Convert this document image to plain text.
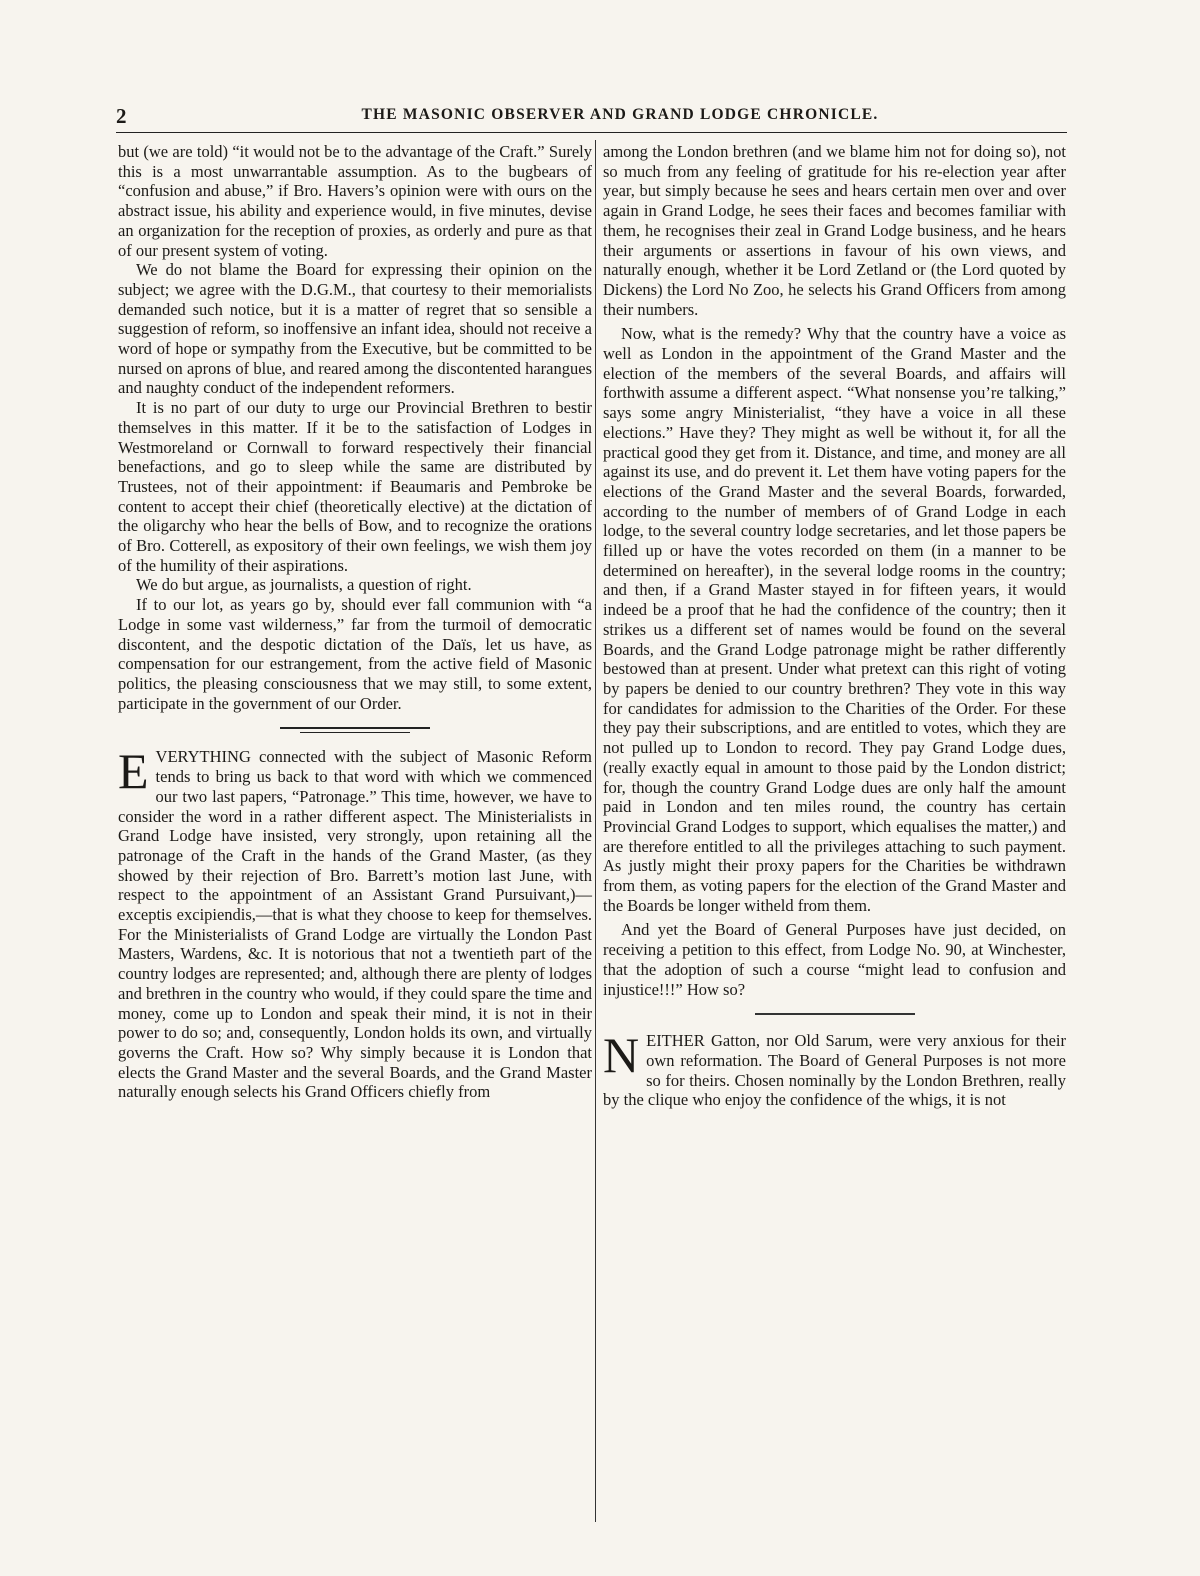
2	THE MASONIC OBSERVER AND GRAND LODGE CHRONICLE.

but (we are told) “it would not be to the advantage of the Craft.” Surely this is a most unwarrantable assumption. As to the bugbears of “confusion and abuse,” if Bro. Havers’s opinion were with ours on the abstract issue, his ability and experience would, in five minutes, devise an organization for the reception of proxies, as orderly and pure as that of our present system of voting.

We do not blame the Board for expressing their opinion on the subject; we agree with the D.G.M., that courtesy to their memorialists demanded such notice, but it is a matter of regret that so sensible a suggestion of reform, so inoffensive an infant idea, should not receive a word of hope or sympathy from the Executive, but be committed to be nursed on aprons of blue, and reared among the discontented harangues and naughty conduct of the independent reformers.

It is no part of our duty to urge our Provincial Brethren to bestir themselves in this matter. If it be to the satisfaction of Lodges in Westmoreland or Cornwall to forward respectively their financial benefactions, and go to sleep while the same are distributed by Trustees, not of their appointment: if Beaumaris and Pembroke be content to accept their chief (theoretically elective) at the dictation of the oligarchy who hear the bells of Bow, and to recognize the orations of Bro. Cotterell, as expository of their own feelings, we wish them joy of the humility of their aspirations.

We do but argue, as journalists, a question of right.

If to our lot, as years go by, should ever fall communion with “a Lodge in some vast wilderness,” far from the turmoil of democratic discontent, and the despotic dictation of the Daïs, let us have, as compensation for our estrangement, from the active field of Masonic politics, the pleasing consciousness that we may still, to some extent, participate in the government of our Order.

EVERYTHING connected with the subject of Masonic Reform tends to bring us back to that word with which we commenced our two last papers, “Patronage.” This time, however, we have to consider the word in a rather different aspect. The Ministerialists in Grand Lodge have insisted, very strongly, upon retaining all the patronage of the Craft in the hands of the Grand Master, (as they showed by their rejection of Bro. Barrett’s motion last June, with respect to the appointment of an Assistant Grand Pursuivant,)—exceptis excipiendis,—that is what they choose to keep for themselves. For the Ministerialists of Grand Lodge are virtually the London Past Masters, Wardens, &c. It is notorious that not a twentieth part of the country lodges are represented; and, although there are plenty of lodges and brethren in the country who would, if they could spare the time and money, come up to London and speak their mind, it is not in their power to do so; and, consequently, London holds its own, and virtually governs the Craft. How so? Why simply because it is London that elects the Grand Master and the several Boards, and the Grand Master naturally enough selects his Grand Officers chiefly from

among the London brethren (and we blame him not for doing so), not so much from any feeling of gratitude for his re-election year after year, but simply because he sees and hears certain men over and over again in Grand Lodge, he sees their faces and becomes familiar with them, he recognises their zeal in Grand Lodge business, and he hears their arguments or assertions in favour of his own views, and naturally enough, whether it be Lord Zetland or (the Lord quoted by Dickens) the Lord No Zoo, he selects his Grand Officers from among their numbers.

Now, what is the remedy? Why that the country have a voice as well as London in the appointment of the Grand Master and the election of the members of the several Boards, and affairs will forthwith assume a different aspect. “What nonsense you’re talking,” says some angry Ministerialist, “they have a voice in all these elections.” Have they? They might as well be without it, for all the practical good they get from it. Distance, and time, and money are all against its use, and do prevent it. Let them have voting papers for the elections of the Grand Master and the several Boards, forwarded, according to the number of members of of Grand Lodge in each lodge, to the several country lodge secretaries, and let those papers be filled up or have the votes recorded on them (in a manner to be determined on hereafter), in the several lodge rooms in the country; and then, if a Grand Master stayed in for fifteen years, it would indeed be a proof that he had the confidence of the country; then it strikes us a different set of names would be found on the several Boards, and the Grand Lodge patronage might be rather differently bestowed than at present. Under what pretext can this right of voting by papers be denied to our country brethren? They vote in this way for candidates for admission to the Charities of the Order. For these they pay their subscriptions, and are entitled to votes, which they are not pulled up to London to record. They pay Grand Lodge dues, (really exactly equal in amount to those paid by the London district; for, though the country Grand Lodge dues are only half the amount paid in London and ten miles round, the country has certain Provincial Grand Lodges to support, which equalises the matter,) and are therefore entitled to all the privileges attaching to such payment. As justly might their proxy papers for the Charities be withdrawn from them, as voting papers for the election of the Grand Master and the Boards be longer witheld from them.

And yet the Board of General Purposes have just decided, on receiving a petition to this effect, from Lodge No. 90, at Winchester, that the adoption of such a course “might lead to confusion and injustice!!!” How so?

NEITHER Gatton, nor Old Sarum, were very anxious for their own reformation. The Board of General Purposes is not more so for theirs. Chosen nominally by the London Brethren, really by the clique who enjoy the confidence of the whigs, it is not
